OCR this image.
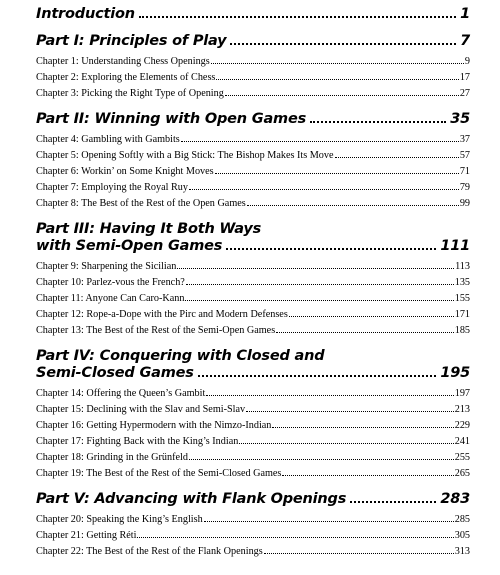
Introduction	1
Part I: Principles of Play	7
Chapter 1: Understanding Chess Openings	9
Chapter 2: Exploring the Elements of Chess	17
Chapter 3: Picking the Right Type of Opening	27
Part II: Winning with Open Games	35
Chapter 4: Gambling with Gambits	37
Chapter 5: Opening Softly with a Big Stick: The Bishop Makes Its Move	57
Chapter 6: Workin’ on Some Knight Moves	71
Chapter 7: Employing the Royal Ruy	79
Chapter 8: The Best of the Rest of the Open Games	99
Part III: Having It Both Ways
with Semi-Open Games	111
Chapter 9: Sharpening the Sicilian	113
Chapter 10: Parlez-vous the French?	135
Chapter 11: Anyone Can Caro-Kann	155
Chapter 12: Rope-a-Dope with the Pirc and Modern Defenses	171
Chapter 13: The Best of the Rest of the Semi-Open Games	185
Part IV: Conquering with Closed and
Semi-Closed Games	195
Chapter 14: Offering the Queen’s Gambit	197
Chapter 15: Declining with the Slav and Semi-Slav	213
Chapter 16: Getting Hypermodern with the Nimzo-Indian	229
Chapter 17: Fighting Back with the King’s Indian	241
Chapter 18: Grinding in the Grünfeld	255
Chapter 19: The Best of the Rest of the Semi-Closed Games	265
Part V: Advancing with Flank Openings	283
Chapter 20: Speaking the King’s English	285
Chapter 21: Getting Réti	305
Chapter 22: The Best of the Rest of the Flank Openings	313
